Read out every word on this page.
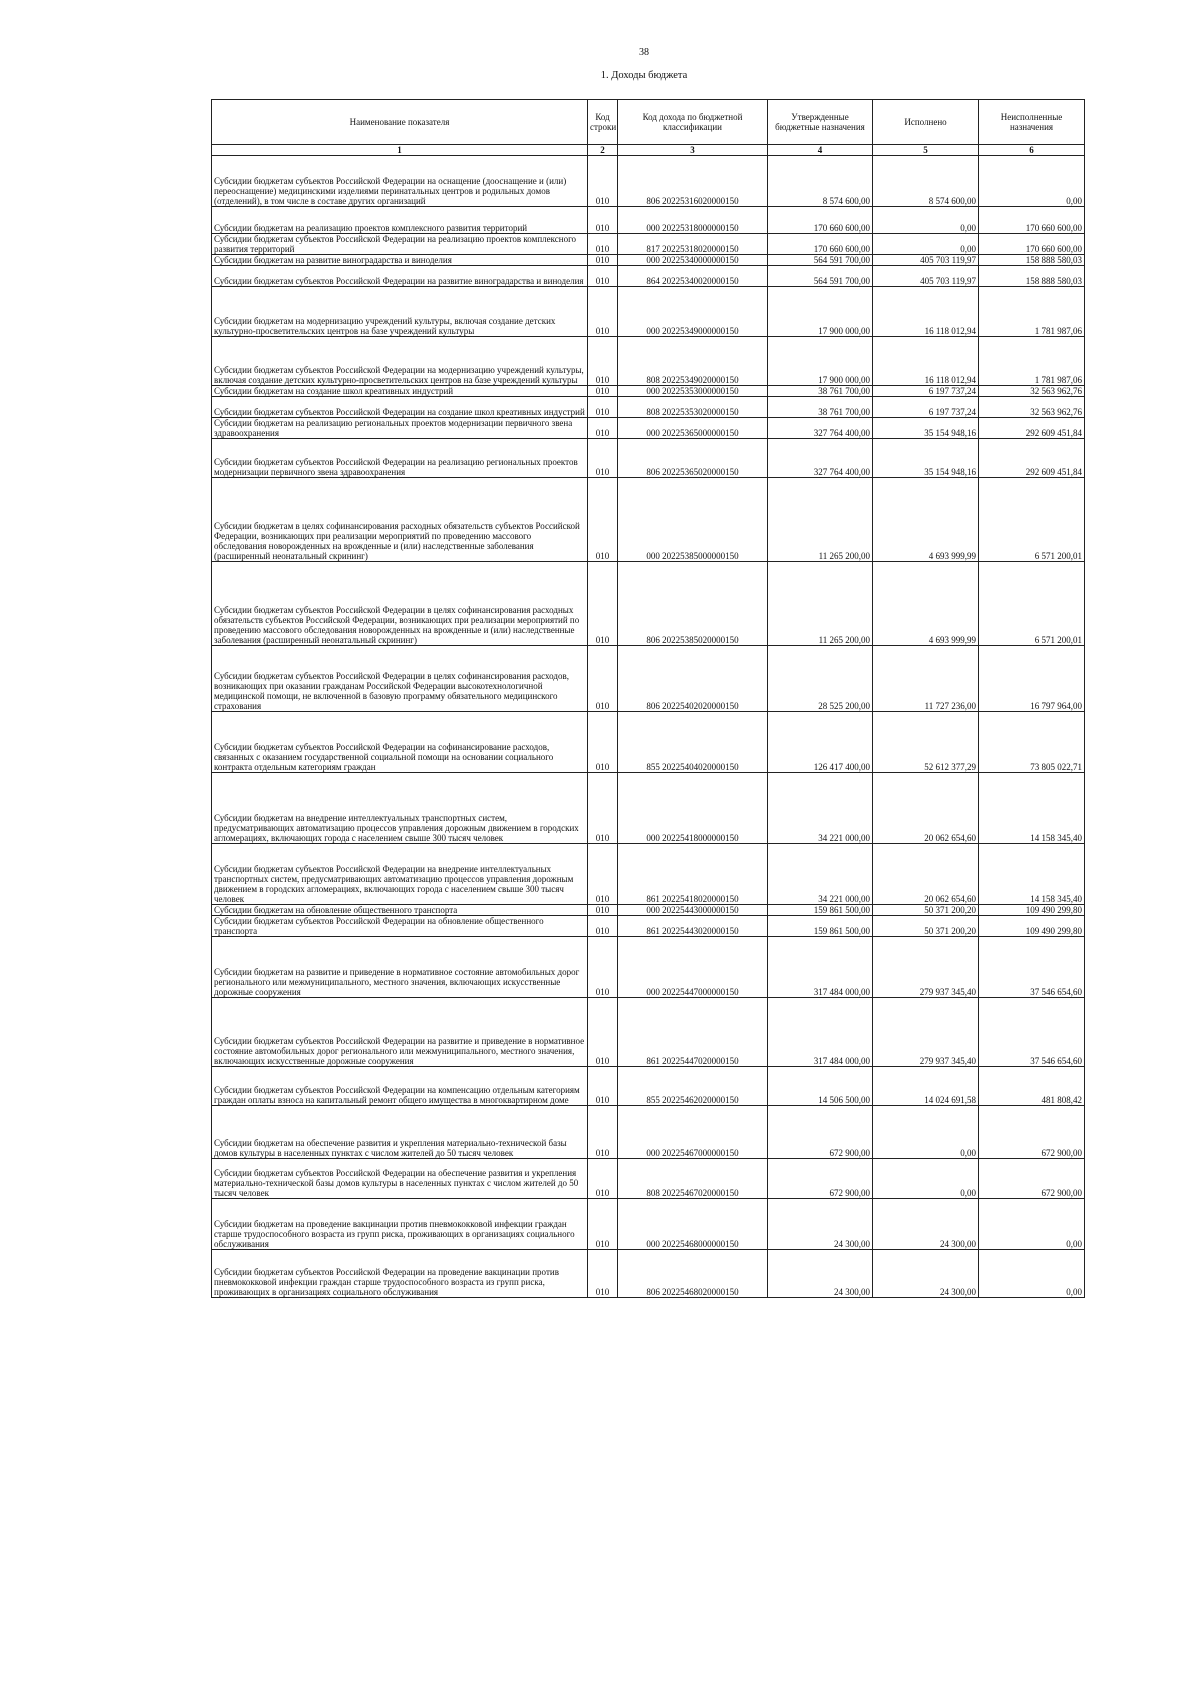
38
1. Доходы бюджета
Наименование показателя	Код строки	Код дохода по бюджетной классификации	Утвержденные бюджетные назначения	Исполнено	Неисполненные назначения
1	2	3	4	5	6
Субсидии бюджетам субъектов Российской Федерации на оснащение (дооснащение и (или) переоснащение) медицинскими изделиями перинатальных центров и родильных домов (отделений), в том числе в составе других организаций	010	806 20225316020000150	8 574 600,00	8 574 600,00	0,00
Субсидии бюджетам на реализацию проектов комплексного развития территорий	010	000 20225318000000150	170 660 600,00	0,00	170 660 600,00
Субсидии бюджетам субъектов Российской Федерации на реализацию проектов комплексного развития территорий	010	817 20225318020000150	170 660 600,00	0,00	170 660 600,00
Субсидии бюджетам на развитие виноградарства и виноделия	010	000 20225340000000150	564 591 700,00	405 703 119,97	158 888 580,03
Субсидии бюджетам субъектов Российской Федерации на развитие виноградарства и виноделия	010	864 20225340020000150	564 591 700,00	405 703 119,97	158 888 580,03
Субсидии бюджетам на модернизацию учреждений культуры, включая создание детских культурно-просветительских центров на базе учреждений культуры	010	000 20225349000000150	17 900 000,00	16 118 012,94	1 781 987,06
Субсидии бюджетам субъектов Российской Федерации на модернизацию учреждений культуры, включая создание детских культурно-просветительских центров на базе учреждений культуры	010	808 20225349020000150	17 900 000,00	16 118 012,94	1 781 987,06
Субсидии бюджетам на создание школ креативных индустрий	010	000 20225353000000150	38 761 700,00	6 197 737,24	32 563 962,76
Субсидии бюджетам субъектов Российской Федерации на создание школ креативных индустрий	010	808 20225353020000150	38 761 700,00	6 197 737,24	32 563 962,76
Субсидии бюджетам на реализацию региональных проектов модернизации первичного звена здравоохранения	010	000 20225365000000150	327 764 400,00	35 154 948,16	292 609 451,84
Субсидии бюджетам субъектов Российской Федерации на реализацию региональных проектов модернизации первичного звена здравоохранения	010	806 20225365020000150	327 764 400,00	35 154 948,16	292 609 451,84
Субсидии бюджетам в целях софинансирования расходных обязательств субъектов Российской Федерации, возникающих при реализации мероприятий по проведению массового обследования новорожденных на врожденные и (или) наследственные заболевания (расширенный неонатальный скрининг)	010	000 20225385000000150	11 265 200,00	4 693 999,99	6 571 200,01
Субсидии бюджетам субъектов Российской Федерации в целях софинансирования расходных обязательств субъектов Российской Федерации, возникающих при реализации мероприятий по проведению массового обследования новорожденных на врожденные и (или) наследственные заболевания (расширенный неонатальный скрининг)	010	806 20225385020000150	11 265 200,00	4 693 999,99	6 571 200,01
Субсидии бюджетам субъектов Российской Федерации в целях софинансирования расходов, возникающих при оказании гражданам Российской Федерации высокотехнологичной медицинской помощи, не включенной в базовую программу обязательного медицинского страхования	010	806 20225402020000150	28 525 200,00	11 727 236,00	16 797 964,00
Субсидии бюджетам субъектов Российской Федерации на софинансирование расходов, связанных с оказанием государственной социальной помощи на основании социального контракта отдельным категориям граждан	010	855 20225404020000150	126 417 400,00	52 612 377,29	73 805 022,71
Субсидии бюджетам на внедрение интеллектуальных транспортных систем, предусматривающих автоматизацию процессов управления дорожным движением в городских агломерациях, включающих города с населением свыше 300 тысяч человек	010	000 20225418000000150	34 221 000,00	20 062 654,60	14 158 345,40
Субсидии бюджетам субъектов Российской Федерации на внедрение интеллектуальных транспортных систем, предусматривающих автоматизацию процессов управления дорожным движением в городских агломерациях, включающих города с населением свыше 300 тысяч человек	010	861 20225418020000150	34 221 000,00	20 062 654,60	14 158 345,40
Субсидии бюджетам на обновление общественного транспорта	010	000 20225443000000150	159 861 500,00	50 371 200,20	109 490 299,80
Субсидии бюджетам субъектов Российской Федерации на обновление общественного транспорта	010	861 20225443020000150	159 861 500,00	50 371 200,20	109 490 299,80
Субсидии бюджетам на развитие и приведение в нормативное состояние автомобильных дорог регионального или межмуниципального, местного значения, включающих искусственные дорожные сооружения	010	000 20225447000000150	317 484 000,00	279 937 345,40	37 546 654,60
Субсидии бюджетам субъектов Российской Федерации на развитие и приведение в нормативное состояние автомобильных дорог регионального или межмуниципального, местного значения, включающих искусственные дорожные сооружения	010	861 20225447020000150	317 484 000,00	279 937 345,40	37 546 654,60
Субсидии бюджетам субъектов Российской Федерации на компенсацию отдельным категориям граждан оплаты взноса на капитальный ремонт общего имущества в многоквартирном доме	010	855 20225462020000150	14 506 500,00	14 024 691,58	481 808,42
Субсидии бюджетам на обеспечение развития и укрепления материально-технической базы домов культуры в населенных пунктах с числом жителей до 50 тысяч человек	010	000 20225467000000150	672 900,00	0,00	672 900,00
Субсидии бюджетам субъектов Российской Федерации на обеспечение развития и укрепления материально-технической базы домов культуры в населенных пунктах с числом жителей до 50 тысяч человек	010	808 20225467020000150	672 900,00	0,00	672 900,00
Субсидии бюджетам на проведение вакцинации против пневмококковой инфекции граждан старше трудоспособного возраста из групп риска, проживающих в организациях социального обслуживания	010	000 20225468000000150	24 300,00	24 300,00	0,00
Субсидии бюджетам субъектов Российской Федерации на проведение вакцинации против пневмококковой инфекции граждан старше трудоспособного возраста из групп риска, проживающих в организациях социального обслуживания	010	806 20225468020000150	24 300,00	24 300,00	0,00
